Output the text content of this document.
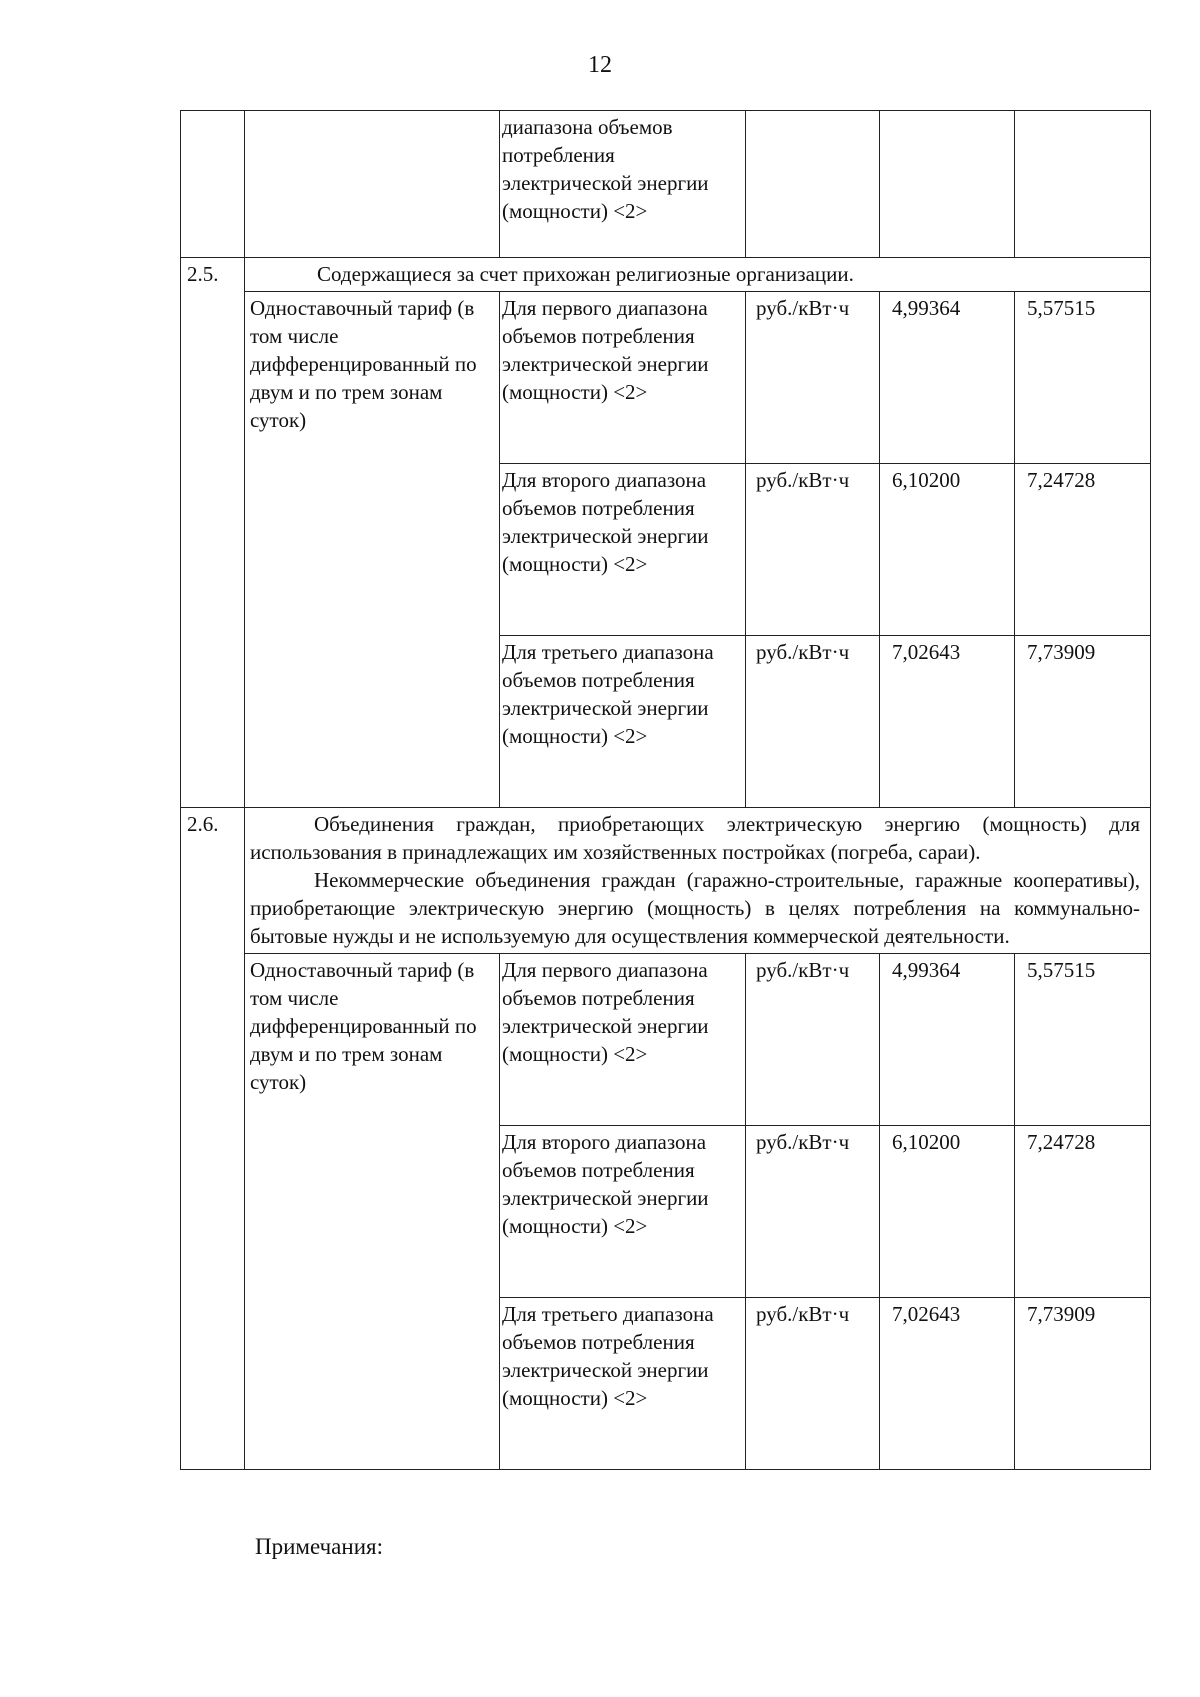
12
		диапазона объемов потребления электрической энергии (мощности) <2>			
2.5.	Содержащиеся за счет прихожан религиозные организации.				
	Одноставочный тариф (в том числе дифференцированный по двум и по трем зонам суток)	Для первого диапазона объемов потребления электрической энергии (мощности) <2>	руб./кВт·ч	4,99364	5,57515
		Для второго диапазона объемов потребления электрической энергии (мощности) <2>	руб./кВт·ч	6,10200	7,24728
		Для третьего диапазона объемов потребления электрической энергии (мощности) <2>	руб./кВт·ч	7,02643	7,73909
2.6.	Объединения граждан, приобретающих электрическую энергию (мощность) для использования в принадлежащих им хозяйственных постройках (погреба, сараи).

Некоммерческие объединения граждан (гаражно-строительные, гаражные кооперативы), приобретающие электрическую энергию (мощность) в целях потребления на коммунально-бытовые нужды и не используемую для осуществления коммерческой деятельности.				

	Одноставочный тариф (в том числе дифференцированный по двум и по трем зонам суток)	Для первого диапазона объемов потребления электрической энергии (мощности) <2>	руб./кВт·ч	4,99364	5,57515
		Для второго диапазона объемов потребления электрической энергии (мощности) <2>	руб./кВт·ч	6,10200	7,24728
		Для третьего диапазона объемов потребления электрической энергии (мощности) <2>	руб./кВт·ч	7,02643	7,73909
Примечания:
